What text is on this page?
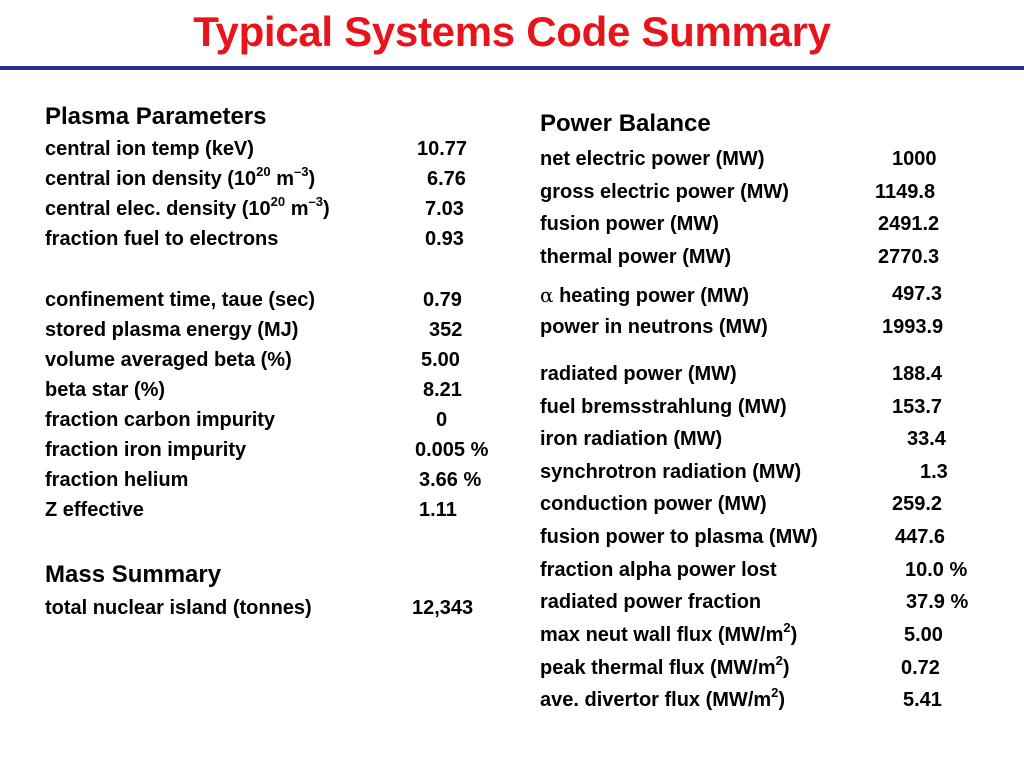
Typical Systems Code Summary
Plasma Parameters
central ion temp (keV)	10.77
central ion density ($10^{20}$ $m^{-3}$)	6.76
central elec. density ($10^{20}$ $m^{-3}$)	7.03
fraction fuel to electrons	0.93
confinement time, taue (sec)	0.79
stored plasma energy (MJ)	352
volume averaged beta (%)	5.00
beta star (%)	8.21
fraction carbon impurity	0
fraction iron impurity	0.005 %
fraction helium	3.66 %
Z effective	1.11
Mass Summary
total nuclear island (tonnes)	12,343
Power Balance
net electric power (MW)	1000
gross electric power (MW)	1149.8
fusion power (MW)	2491.2
thermal power (MW)	2770.3
α heating power (MW)	497.3
power in neutrons (MW)	1993.9
radiated power (MW)	188.4
fuel bremsstrahlung (MW)	153.7
iron radiation (MW)	33.4
synchrotron radiation (MW)	1.3
conduction power (MW)	259.2
fusion power to plasma (MW)	447.6
fraction alpha power lost	10.0 %
radiated power fraction	37.9 %
max neut wall flux $(MW/m^2)$	5.00
peak thermal flux $(MW/m^2)$	0.72
ave. divertor flux $(MW/m^2)$	5.41
